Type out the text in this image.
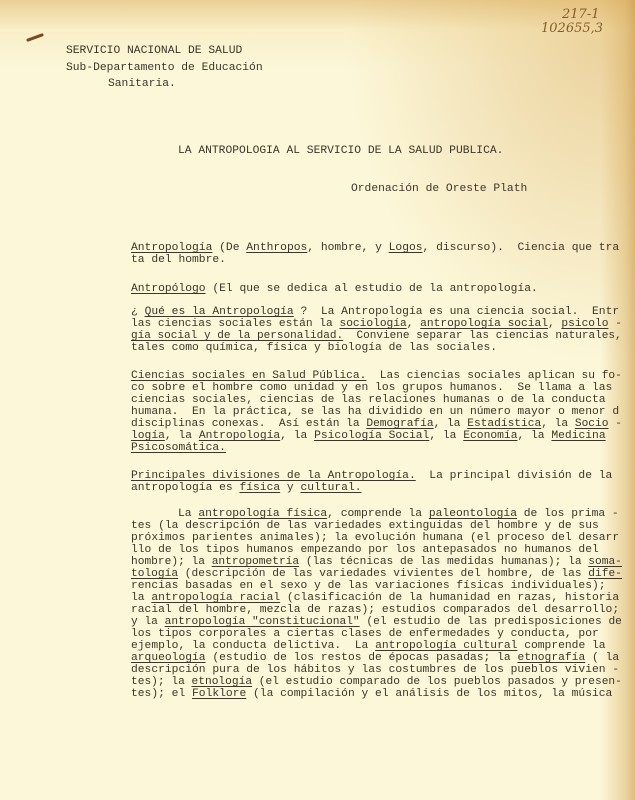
217-1
102655,3
SERVICIO NACIONAL DE SALUD
Sub-Departamento de Educación
Sanitaria.
LA ANTROPOLOGIA AL SERVICIO DE LA SALUD PUBLICA.
Ordenación de Oreste Plath
Antropología (De Anthropos, hombre, y Logos, discurso).  Ciencia que tra
ta del hombre.
Antropólogo (El que se dedica al estudio de la antropología.
¿ Qué es la Antropología ?  La Antropología es una ciencia social.  Entr
las ciencias sociales están la sociología, antropología social, psicolo -
gía social y de la personalidad.  Conviene separar las ciencias naturales,
tales como química, física y biología de las sociales.
Ciencias sociales en Salud Pública.  Las ciencias sociales aplican su fo-
co sobre el hombre como unidad y en los grupos humanos.  Se llama a las
ciencias sociales, ciencias de las relaciones humanas o de la conducta
humana.  En la práctica, se las ha dividido en un número mayor o menor d
disciplinas conexas.  Así están la Demografía, la Estadística, la Socio -
logía, la Antropología, la Psicología Social, la Economía, la Medicina
Psicosomática.
Principales divisiones de la Antropología.  La principal división de la
antropología es física y cultural.
La antropología física, comprende la paleontología de los prima -
tes (la descripción de las variedades extinguidas del hombre y de sus
próximos parientes animales); la evolución humana (el proceso del desarr
llo de los tipos humanos empezando por los antepasados no humanos del
hombre); la antropometría (las técnicas de las medidas humanas); la soma-
tología (descripción de las variedades vivientes del hombre, de las dife-
rencias basadas en el sexo y de las variaciones físicas individuales);
la antropología racial (clasificación de la humanidad en razas, historia
racial del hombre, mezcla de razas); estudios comparados del desarrollo;
y la antropología "constitucional" (el estudio de las predisposiciones de
los tipos corporales a ciertas clases de enfermedades y conducta, por
ejemplo, la conducta delictiva.  La antropología cultural comprende la
arqueología (estudio de los restos de épocas pasadas; la etnografía ( la
descripción pura de los hábitos y las costumbres de los pueblos vivien -
tes); la etnología (el estudio comparado de los pueblos pasados y presen-
tes); el Folklore (la compilación y el análisis de los mitos, la música
